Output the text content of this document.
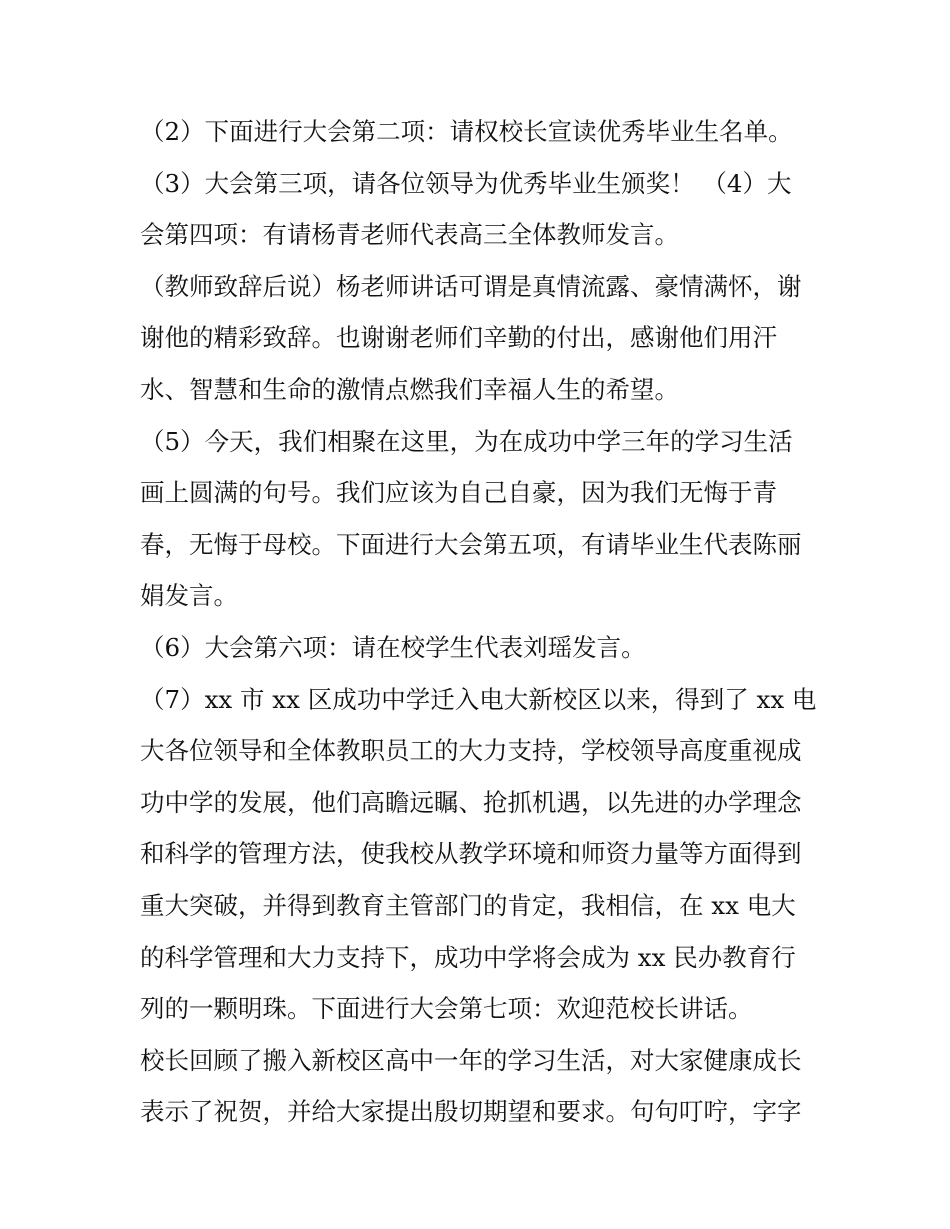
（2）下面进行大会第二项：请权校长宣读优秀毕业生名单。
（3）大会第三项，请各位领导为优秀毕业生颁奖！ （4）大
会第四项：有请杨青老师代表高三全体教师发言。
（教师致辞后说）杨老师讲话可谓是真情流露、豪情满怀，谢
谢他的精彩致辞。也谢谢老师们辛勤的付出，感谢他们用汗
水、智慧和生命的激情点燃我们幸福人生的希望。
（5）今天，我们相聚在这里，为在成功中学三年的学习生活
画上圆满的句号。我们应该为自己自豪，因为我们无悔于青
春，无悔于母校。下面进行大会第五项，有请毕业生代表陈丽
娟发言。
（6）大会第六项：请在校学生代表刘瑶发言。
（7）xx 市 xx 区成功中学迁入电大新校区以来，得到了 xx 电
大各位领导和全体教职员工的大力支持，学校领导高度重视成
功中学的发展，他们高瞻远瞩、抢抓机遇，以先进的办学理念
和科学的管理方法，使我校从教学环境和师资力量等方面得到
重大突破，并得到教育主管部门的肯定，我相信，在 xx 电大
的科学管理和大力支持下，成功中学将会成为 xx 民办教育行
列的一颗明珠。下面进行大会第七项：欢迎范校长讲话。
校长回顾了搬入新校区高中一年的学习生活，对大家健康成长
表示了祝贺，并给大家提出殷切期望和要求。句句叮咛，字字
